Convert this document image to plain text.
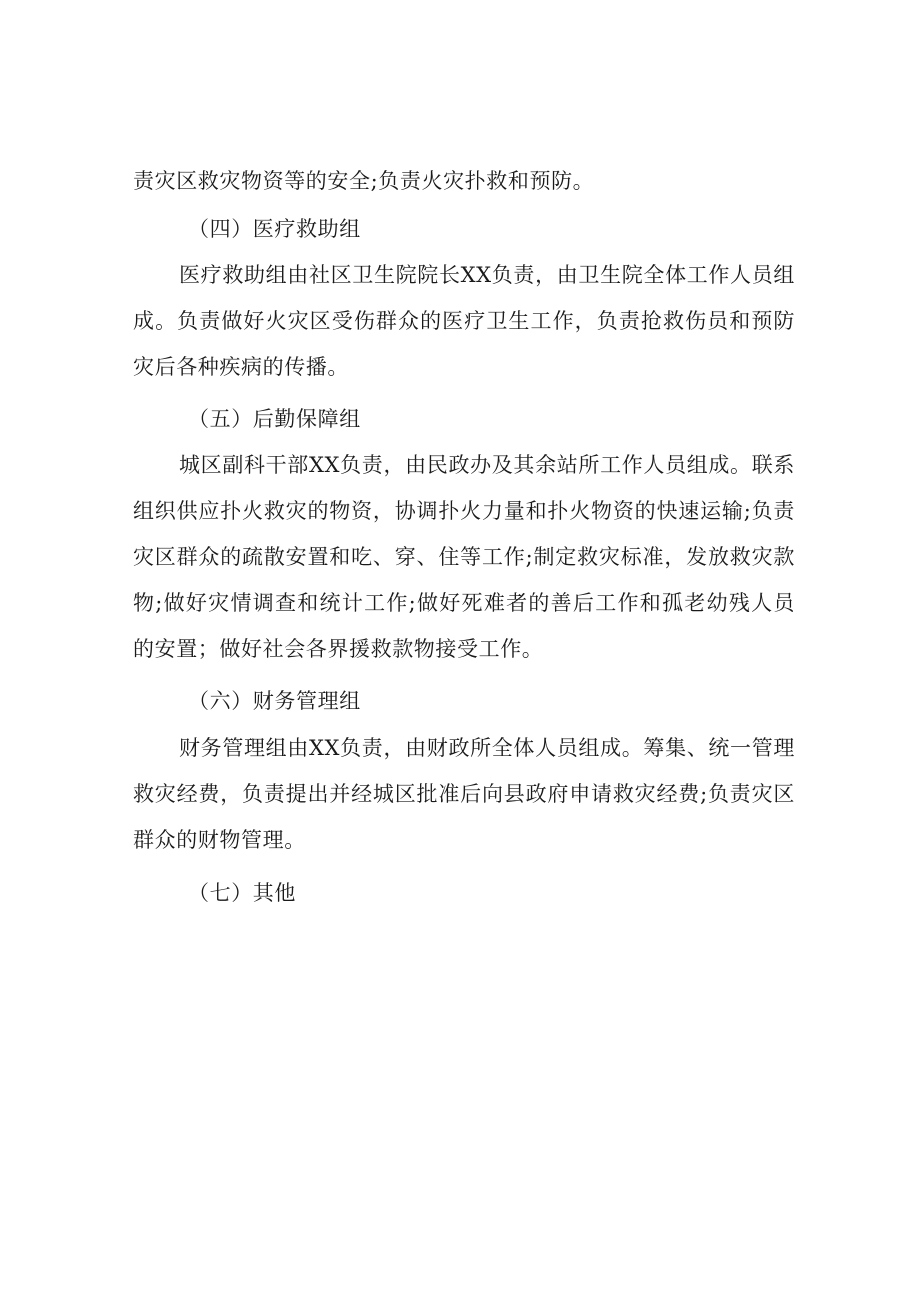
责灾区救灾物资等的安全;负责火灾扑救和预防。

（四）医疗救助组

医疗救助组由社区卫生院院长XX负责，由卫生院全体工作人员组成。负责做好火灾区受伤群众的医疗卫生工作，负责抢救伤员和预防灾后各种疾病的传播。

（五）后勤保障组

城区副科干部XX负责，由民政办及其余站所工作人员组成。联系组织供应扑火救灾的物资，协调扑火力量和扑火物资的快速运输;负责灾区群众的疏散安置和吃、穿、住等工作;制定救灾标准，发放救灾款物;做好灾情调查和统计工作;做好死难者的善后工作和孤老幼残人员的安置；做好社会各界援救款物接受工作。

（六）财务管理组

财务管理组由XX负责，由财政所全体人员组成。筹集、统一管理救灾经费，负责提出并经城区批准后向县政府申请救灾经费;负责灾区群众的财物管理。

（七）其他
